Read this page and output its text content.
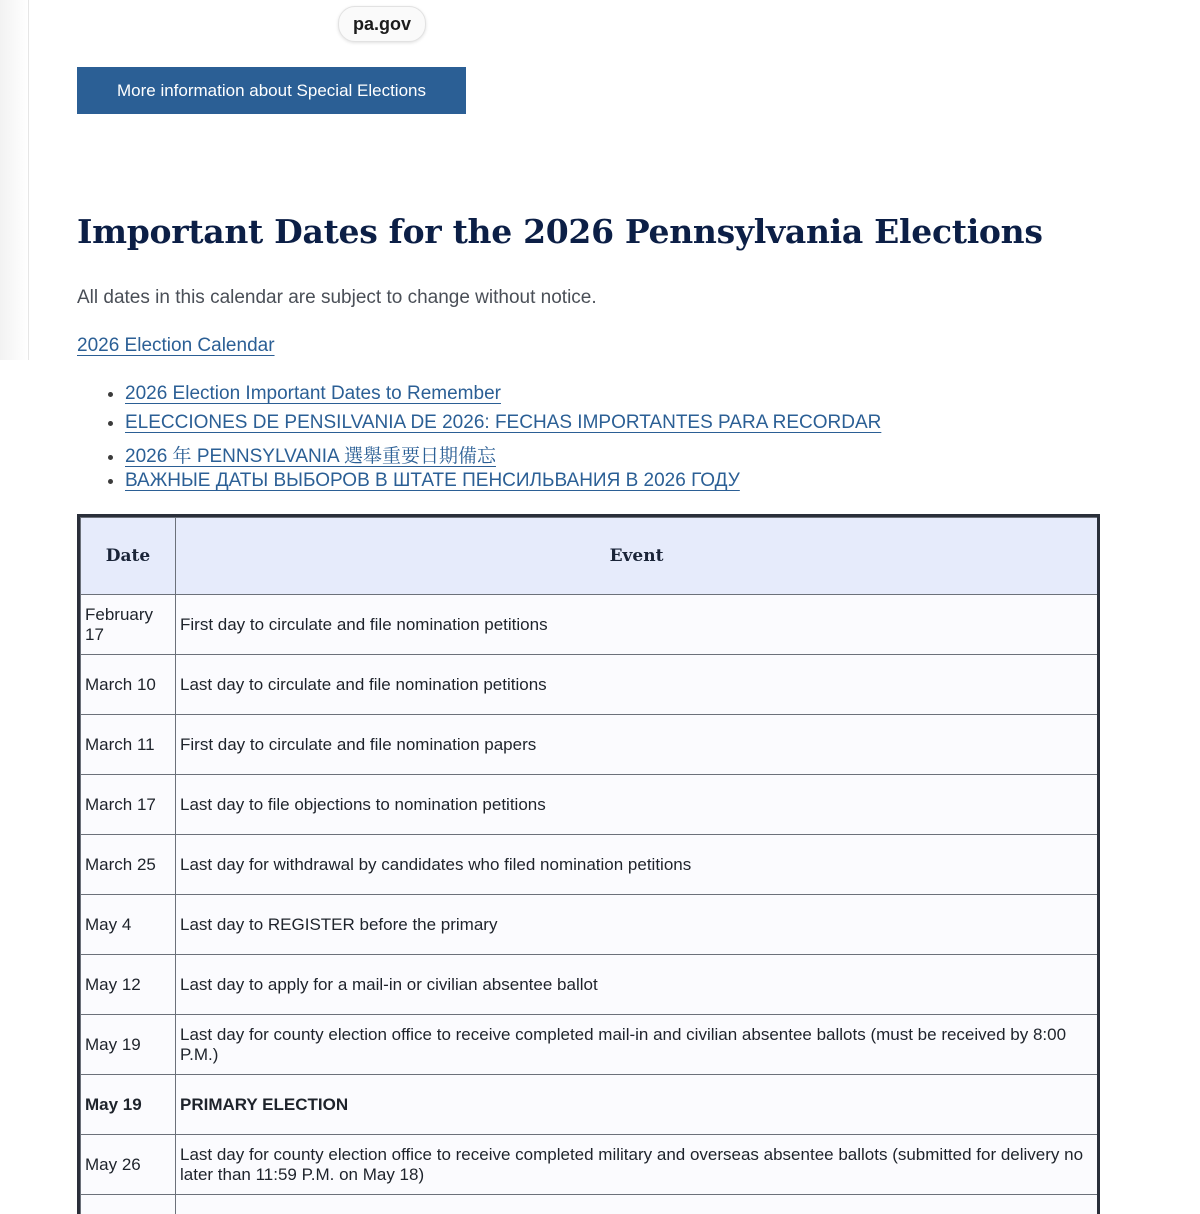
pa.gov
More information about Special Elections
Important Dates for the 2026 Pennsylvania Elections
All dates in this calendar are subject to change without notice.
2026 Election Calendar
• 2026 Election Important Dates to Remember
• ELECCIONES DE PENSILVANIA DE 2026: FECHAS IMPORTANTES PARA RECORDAR
• 2026 年 PENNSYLVANIA 選舉重要日期備忘
• ВАЖНЫЕ ДАТЫ ВЫБОРОВ В ШТАТЕ ПЕНСИЛЬВАНИЯ В 2026 ГОДУ
Date	Event
February 17	First day to circulate and file nomination petitions
March 10	Last day to circulate and file nomination petitions
March 11	First day to circulate and file nomination papers
March 17	Last day to file objections to nomination petitions
March 25	Last day for withdrawal by candidates who filed nomination petitions
May 4	Last day to REGISTER before the primary
May 12	Last day to apply for a mail-in or civilian absentee ballot
May 19	Last day for county election office to receive completed mail-in and civilian absentee ballots (must be received by 8:00 P.M.)
May 19	PRIMARY ELECTION
May 26	Last day for county election office to receive completed military and overseas absentee ballots (submitted for delivery no later than 11:59 P.M. on May 18)
